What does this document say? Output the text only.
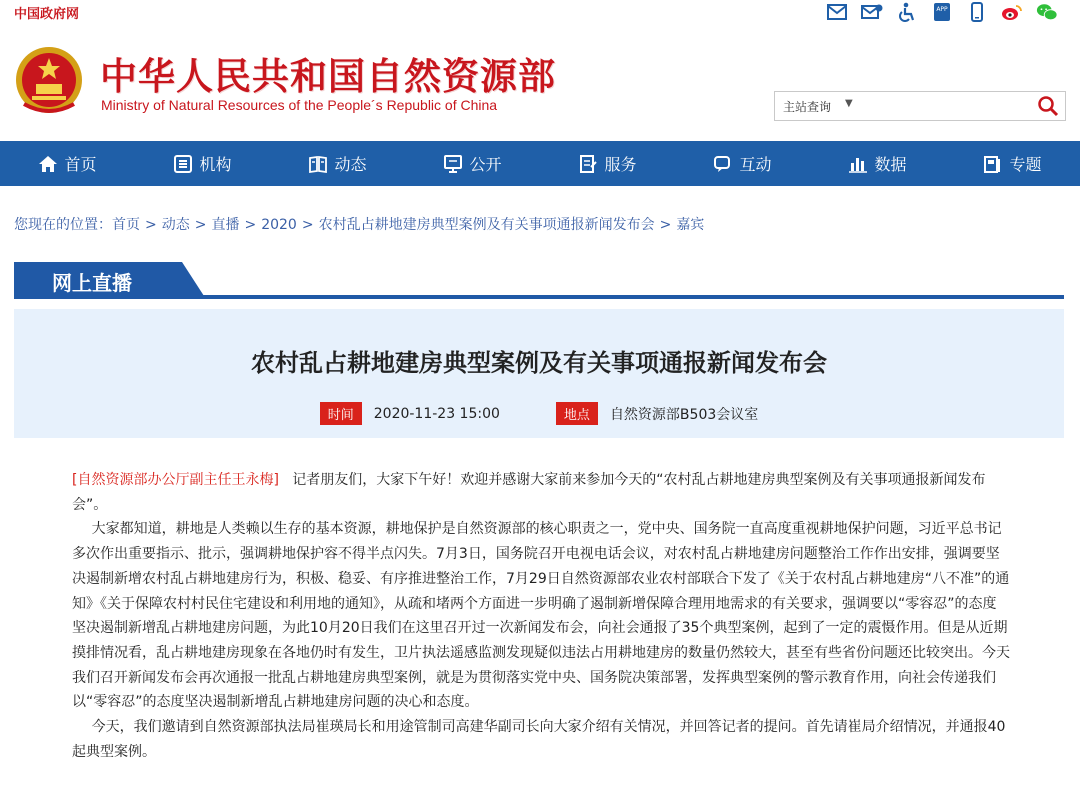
中国政府网	APP
中华人民共和国自然资源部
Ministry of Natural Resources of the People´s Republic of China	主站查询 ▼
首页	机构	动态	公开	服务	互动	数据	专题
您现在的位置：首页 > 动态 > 直播 > 2020 > 农村乱占耕地建房典型案例及有关事项通报新闻发布会 > 嘉宾
网上直播
农村乱占耕地建房典型案例及有关事项通报新闻发布会
时间	2020-11-23 15:00	地点	自然资源部B503会议室

[自然资源部办公厅副主任王永梅] 记者朋友们，大家下午好！欢迎并感谢大家前来参加今天的“农村乱占耕地建房典型案例及有关事项通报新闻发布会”。

大家都知道，耕地是人类赖以生存的基本资源，耕地保护是自然资源部的核心职责之一，党中央、国务院一直高度重视耕地保护问题，习近平总书记多次作出重要指示、批示，强调耕地保护容不得半点闪失。7月3日，国务院召开电视电话会议，对农村乱占耕地建房问题整治工作作出安排，强调要坚决遏制新增农村乱占耕地建房行为，积极、稳妥、有序推进整治工作，7月29日自然资源部农业农村部联合下发了《关于农村乱占耕地建房“八不准”的通知》《关于保障农村村民住宅建设和利用地的通知》，从疏和堵两个方面进一步明确了遏制新增保障合理用地需求的有关要求，强调要以“零容忍”的态度坚决遏制新增乱占耕地建房问题，为此10月20日我们在这里召开过一次新闻发布会，向社会通报了35个典型案例，起到了一定的震慑作用。但是从近期摸排情况看，乱占耕地建房现象在各地仍时有发生，卫片执法遥感监测发现疑似违法占用耕地建房的数量仍然较大，甚至有些省份问题还比较突出。今天我们召开新闻发布会再次通报一批乱占耕地建房典型案例，就是为贯彻落实党中央、国务院决策部署，发挥典型案例的警示教育作用，向社会传递我们以“零容忍”的态度坚决遏制新增乱占耕地建房问题的决心和态度。

今天，我们邀请到自然资源部执法局崔瑛局长和用途管制司高建华副司长向大家介绍有关情况，并回答记者的提问。首先请崔局介绍情况，并通报40起典型案例。
